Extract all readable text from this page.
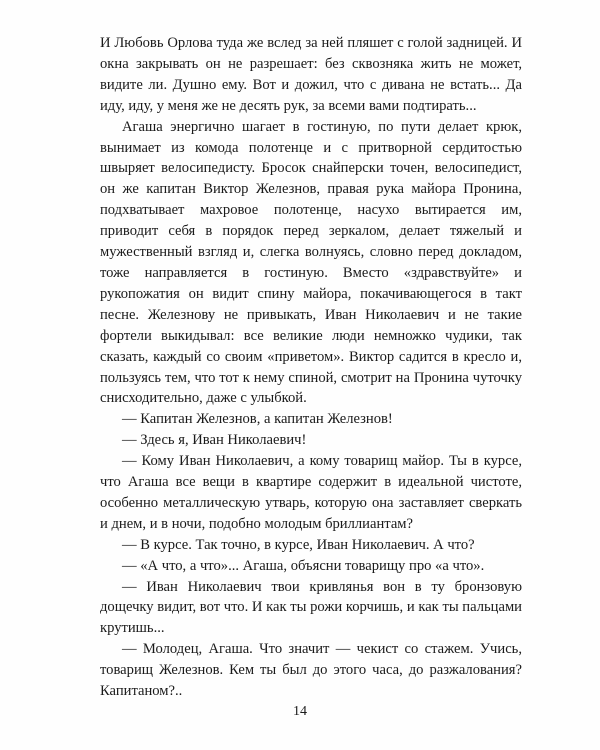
И Любовь Орлова туда же вслед за ней пляшет с голой задницей. И окна закрывать он не разрешает: без сквозняка жить не может, видите ли. Душно ему. Вот и дожил, что с дивана не встать... Да иду, иду, у меня же не десять рук, за всеми вами подтирать...

Агаша энергично шагает в гостиную, по пути делает крюк, вынимает из комода полотенце и с притворной сердитостью швыряет велосипедисту. Бросок снайперски точен, велосипедист, он же капитан Виктор Железнов, правая рука майора Пронина, подхватывает махровое полотенце, насухо вытирается им, приводит себя в порядок перед зеркалом, делает тяжелый и мужественный взгляд и, слегка волнуясь, словно перед докладом, тоже направляется в гостиную. Вместо «здравствуйте» и рукопожатия он видит спину майора, покачивающегося в такт песне. Железнову не привыкать, Иван Николаевич и не такие фортели выкидывал: все великие люди немножко чудики, так сказать, каждый со своим «приветом». Виктор садится в кресло и, пользуясь тем, что тот к нему спиной, смотрит на Пронина чуточку снисходительно, даже с улыбкой.

— Капитан Железнов, а капитан Железнов!

— Здесь я, Иван Николаевич!

— Кому Иван Николаевич, а кому товарищ майор. Ты в курсе, что Агаша все вещи в квартире содержит в идеальной чистоте, особенно металлическую утварь, которую она заставляет сверкать и днем, и в ночи, подобно молодым бриллиантам?

— В курсе. Так точно, в курсе, Иван Николаевич. А что?

— «А что, а что»... Агаша, объясни товарищу про «а что».

— Иван Николаевич твои кривлянья вон в ту бронзовую дощечку видит, вот что. И как ты рожи корчишь, и как ты пальцами крутишь...

— Молодец, Агаша. Что значит — чекист со стажем. Учись, товарищ Железнов. Кем ты был до этого часа, до разжалования? Капитаном?..

14
